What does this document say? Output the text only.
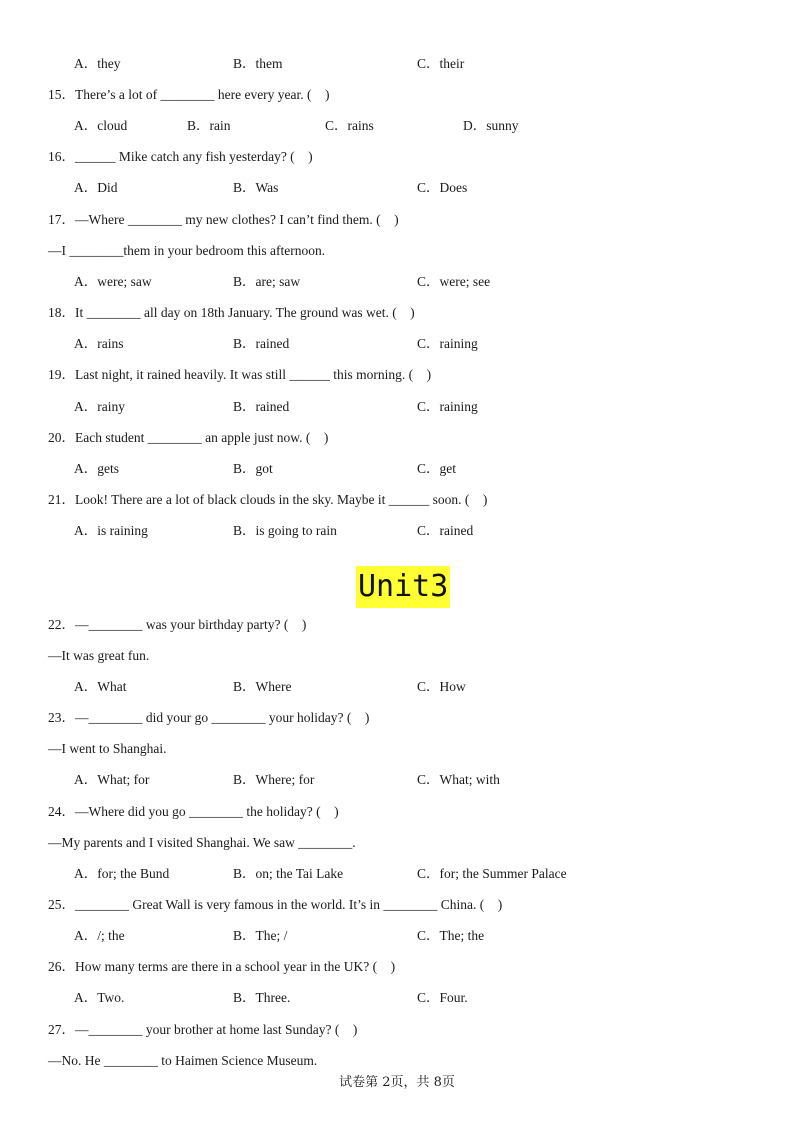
A．they	B．them	C．their
15．There’s a lot of ________ here every year. (    )
A．cloud	B．rain	C．rains	D．sunny
16．______ Mike catch any fish yesterday? (    )
A．Did	B．Was	C．Does
17．—Where ________ my new clothes? I can’t find them. (    )
—I ________them in your bedroom this afternoon.
A．were; saw	B．are; saw	C．were; see
18．It ________ all day on 18th January. The ground was wet. (    )
A．rains	B．rained	C．raining
19．Last night, it rained heavily. It was still ______ this morning. (    )
A．rainy	B．rained	C．raining
20．Each student ________ an apple just now. (    )
A．gets	B．got	C．get
21．Look! There are a lot of black clouds in the sky. Maybe it ______ soon. (    )
A．is raining	B．is going to rain	C．rained
22．—________ was your birthday party? (    )
—It was great fun.
A．What	B．Where	C．How
23．—________ did your go ________ your holiday? (    )
—I went to Shanghai.
A．What; for	B．Where; for	C．What; with
24．—Where did you go ________ the holiday? (    )
—My parents and I visited Shanghai. We saw ________.
A．for; the Bund	B．on; the Tai Lake	C．for; the Summer Palace
25．________ Great Wall is very famous in the world. It’s in ________ China. (    )
A．/; the	B．The; /	C．The; the
26．How many terms are there in a school year in the UK? (    )
A．Two.	B．Three.	C．Four.
27．—________ your brother at home last Sunday? (    )
—No. He ________ to Haimen Science Museum.
Unit3
试卷第 2页，共 8页
